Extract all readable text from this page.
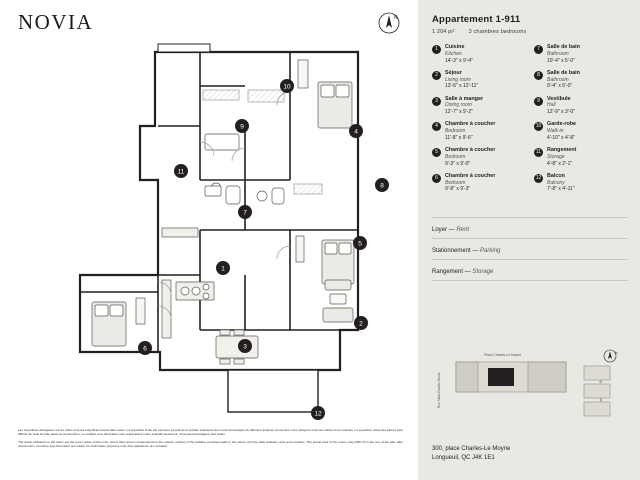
NOVIA	N
1
2
3
4
5
6
7
8
9
10
11
12

Les superficies divulguées sur les plans sont les superficies brutes dites utiles. La superficie brute est mesurée à partir de la surface extérieure des murs d'enveloppe du bâtiment jusqu'au centre des murs mitoyens entre les unités et les cuisines. La superficie réelle des pièces peut différer de celle du plan après la construction. Le mobilier et la décoration sont représentés à titre indicatif seulement. Cinq électroménagers sont inclus.

The areas indicated on the plans are the gross areas of the units. Gross floor area is measured from the exterior surface of the building envelope walls to the centre of party walls between units and corridors. The actual area of the rooms may differ from the one of the plan after construction. Furniture and decoration are shown for information purposes only. Five appliances are included.

Appartement 1-911
1 204 pi²	3 chambres bedrooms
1	Cuisine
Kitchen
14'-3" x 9'-4"
7	Salle de bain
Bathroom
10'-4" x 5'-0"
2	Séjour
Living room
13'-6" x 12'-11"
8	Salle de bain
Bathroom
9'-4" x 5'-0"
3	Salle à manger
Dining room
12'-7" x 9'-2"
9	Vestibule
Hall
12'-9" x 3'-0"
4	Chambre à coucher
Bedroom
11'-8" x 9'-6"
10	Garde-robe
Walk-in
4'-10" x 4'-8"
5	Chambre à coucher
Bedroom
9'-3" x 9'-0"
11	Rangement
Storage
4'-8" x 2'-1"
6	Chambre à coucher
Bedroom
9'-8" x 9'-3"
12	Balcon
Balcony
7'-8" x 4'-11"
Loyer — Rent
Stationnement — Parking
Rangement — Storage
Place Charles-Le Moyne
Rue Saint-Charles Ouest
N
300, place Charles-Le Moyne
Longueuil, QC J4K 1E1
